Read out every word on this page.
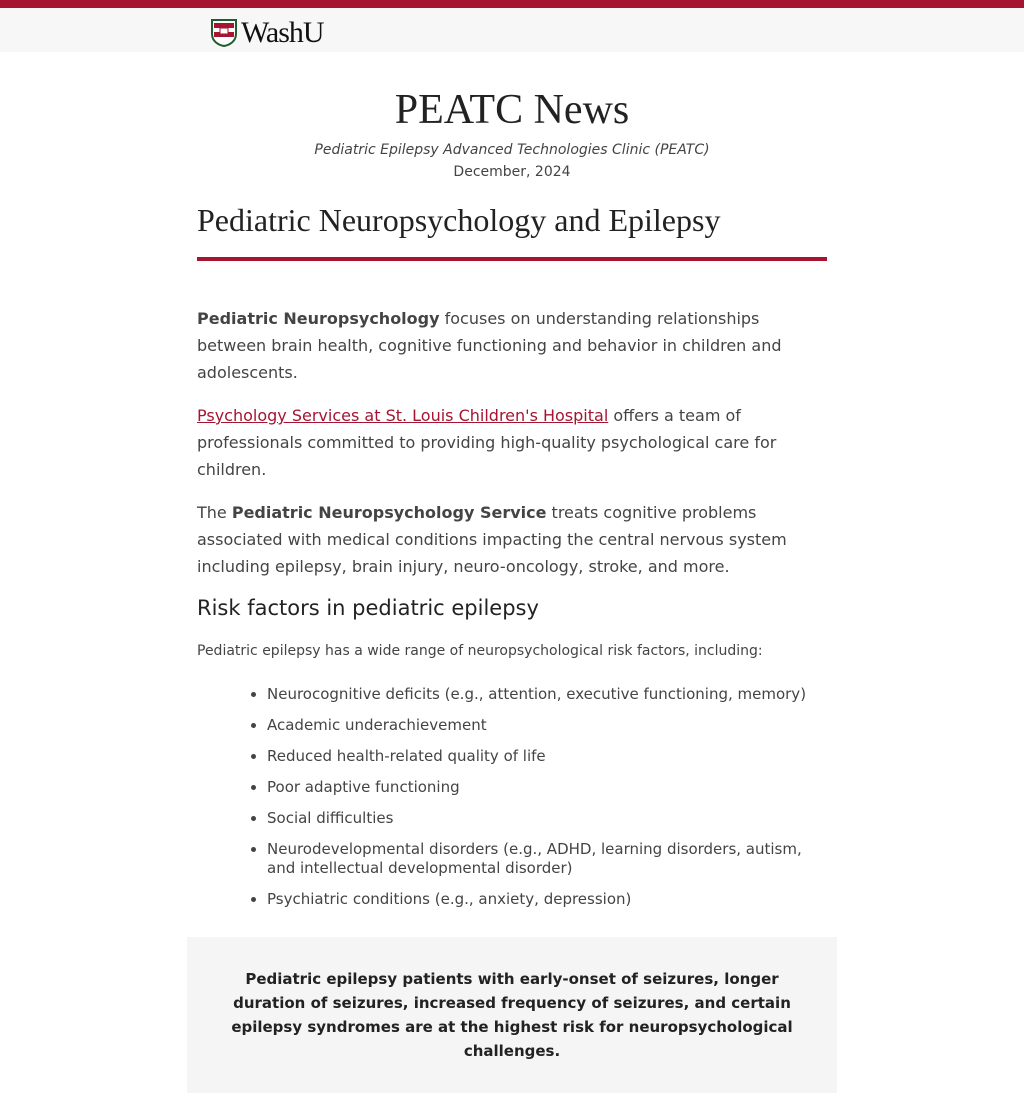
WashU
PEATC News
Pediatric Epilepsy Advanced Technologies Clinic (PEATC)
December, 2024
Pediatric Neuropsychology and Epilepsy

Pediatric Neuropsychology focuses on understanding relationships between brain health, cognitive functioning and behavior in children and adolescents.

Psychology Services at St. Louis Children's Hospital offers a team of professionals committed to providing high-quality psychological care for children.

The Pediatric Neuropsychology Service treats cognitive problems associated with medical conditions impacting the central nervous system including epilepsy, brain injury, neuro-oncology, stroke, and more.

Risk factors in pediatric epilepsy

Pediatric epilepsy has a wide range of neuropsychological risk factors, including:

• Neurocognitive deficits (e.g., attention, executive functioning, memory)
• Academic underachievement
• Reduced health-related quality of life
• Poor adaptive functioning
• Social difficulties
• Neurodevelopmental disorders (e.g., ADHD, learning disorders, autism, and intellectual developmental disorder)
• Psychiatric conditions (e.g., anxiety, depression)
Pediatric epilepsy patients with early-onset of seizures, longer duration of seizures, increased frequency of seizures, and certain epilepsy syndromes are at the highest risk for neuropsychological challenges.
